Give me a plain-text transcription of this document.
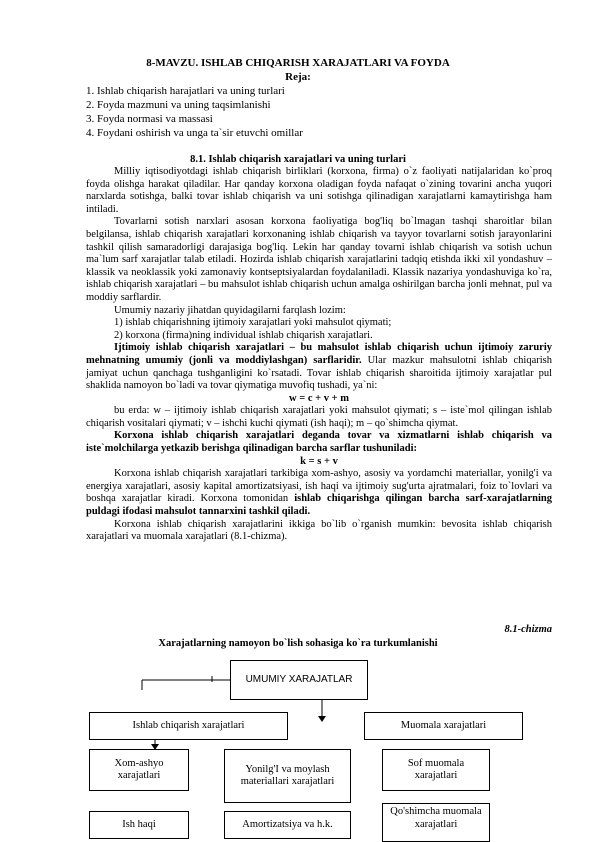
8-MAVZU. ISHLAB CHIQARISH XARAJATLARI VA FOYDA
Reja:
1. Ishlab chiqarish harajatlari va uning turlari
2. Foyda mazmuni va uning taqsimlanishi
3. Foyda normasi va massasi
4. Foydani oshirish va unga ta`sir etuvchi omillar
8.1. Ishlab chiqarish xarajatlari va uning turlari

Milliy iqtisodiyotdagi ishlab chiqarish birliklari (korxona, firma) o`z faoliyati natijalaridan ko`proq foyda olishga harakat qiladilar. Har qanday korxona oladigan foyda nafaqat o`zining tovarini ancha yuqori narxlarda sotishga, balki tovar ishlab chiqarish va uni sotishga qilinadigan xarajatlarni kamaytirishga ham intiladi.

Tovarlarni sotish narxlari asosan korxona faoliyatiga bog'liq bo`lmagan tashqi sharoitlar bilan belgilansa, ishlab chiqarish xarajatlari korxonaning ishlab chiqarish va tayyor tovarlarni sotish jarayonlarini tashkil qilish samaradorligi darajasiga bog'liq. Lekin har qanday tovarni ishlab chiqarish va sotish uchun ma`lum sarf xarajatlar talab etiladi. Hozirda ishlab chiqarish xarajatlarini tadqiq etishda ikki xil yondashuv – klassik va neoklassik yoki zamonaviy kontseptsiyalardan foydalaniladi. Klassik nazariya yondashuviga ko`ra, ishlab chiqarish xarajatlari – bu mahsulot ishlab chiqarish uchun amalga oshirilgan barcha jonli mehnat, pul va moddiy sarflardir.

Umumiy nazariy jihatdan quyidagilarni farqlash lozim:

1) ishlab chiqarishning ijtimoiy xarajatlari yoki mahsulot qiymati;

2) korxona (firma)ning individual ishlab chiqarish xarajatlari.

Ijtimoiy ishlab chiqarish xarajatlari – bu mahsulot ishlab chiqarish uchun ijtimoiy zaruriy mehnatning umumiy (jonli va moddiylashgan) sarflaridir. Ular mazkur mahsulotni ishlab chiqarish jamiyat uchun qanchaga tushganligini ko`rsatadi. Tovar ishlab chiqarish sharoitida ijtimoiy xarajatlar pul shaklida namoyon bo`ladi va tovar qiymatiga muvofiq tushadi, ya`ni:

w = c + v + m

bu erda: w – ijtimoiy ishlab chiqarish xarajatlari yoki mahsulot qiymati; s – iste`mol qilingan ishlab chiqarish vositalari qiymati; v – ishchi kuchi qiymati (ish haqi); m – qo`shimcha qiymat.

Korxona ishlab chiqarish xarajatlari deganda tovar va xizmatlarni ishlab chiqarish va iste`molchilarga yetkazib berishga qilinadigan barcha sarflar tushuniladi:

k = s + v

Korxona ishlab chiqarish xarajatlari tarkibiga xom-ashyo, asosiy va yordamchi materiallar, yonilg'i va energiya xarajatlari, asosiy kapital amortizatsiyasi, ish haqi va ijtimoiy sug'urta ajratmalari, foiz to`lovlari va boshqa xarajatlar kiradi. Korxona tomonidan ishlab chiqarishga qilingan barcha sarf-xarajatlarning puldagi ifodasi mahsulot tannarxini tashkil qiladi.

Korxona ishlab chiqarish xarajatlarini ikkiga bo`lib o`rganish mumkin: bevosita ishlab chiqarish xarajatlari va muomala xarajatlari (8.1-chizma).

8.1-chizma
Xarajatlarning namoyon bo`lish sohasiga ko`ra turkumlanishi
UMUMIY XARAJATLAR
Ishlab chiqarish xarajatlari	Muomala xarajatlari
Xom-ashyo xarajatlari
Yonilg'I va moylash materiallari xarajatlari
Sof muomala xarajatlari
Ish haqi	Amortizatsiya va h.k.
Qo'shimcha muomala xarajatlari
